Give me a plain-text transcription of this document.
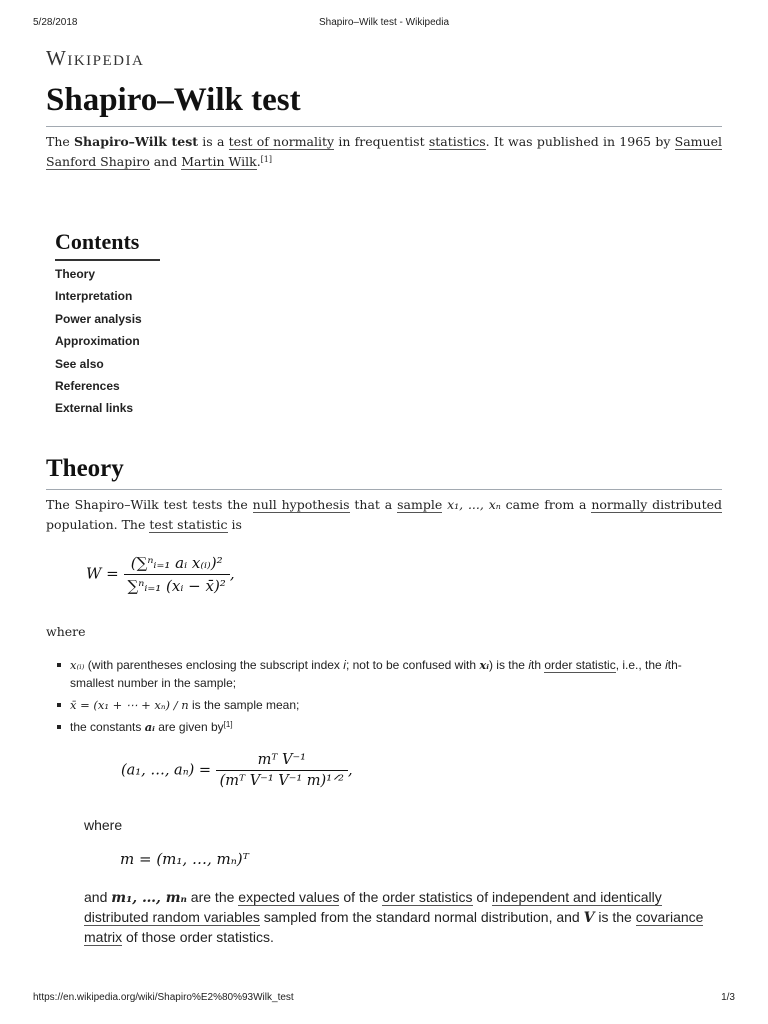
5/28/2018	Shapiro–Wilk test - Wikipedia
Wikipedia
Shapiro–Wilk test
The Shapiro–Wilk test is a test of normality in frequentist statistics. It was published in 1965 by Samuel Sanford Shapiro and Martin Wilk.[1]
Contents
Theory
Interpretation
Power analysis
Approximation
See also
References
External links
Theory
The Shapiro–Wilk test tests the null hypothesis that a sample x₁, ..., xₙ came from a normally distributed population. The test statistic is
$W = \frac{\text{(∑ⁿᵢ₌₁ aᵢ x₍ᵢ₎)²}}{\text{∑ⁿᵢ₌₁ (xᵢ − x̄)²}}$ ,
where
x₍ᵢ₎ (with parentheses enclosing the subscript index i; not to be confused with xᵢ) is the ith order statistic, i.e., the ith-smallest number in the sample;
x̄ = (x₁ + ⋯ + xₙ) / n is the sample mean;
the constants aᵢ are given by[1]
(a₁, …, $a_n) = \frac{\text{mᵀ V⁻¹}}{\text{(mᵀ V⁻¹ V⁻¹ m)¹ᐟ²}}$ ,
where
m = (m₁, …, mₙ)ᵀ
and m₁, …, mₙ are the expected values of the order statistics of independent and identically distributed random variables sampled from the standard normal distribution, and V is the covariance matrix of those order statistics.
https://en.wikipedia.org/wiki/Shapiro%E2%80%93Wilk_test	1/3
